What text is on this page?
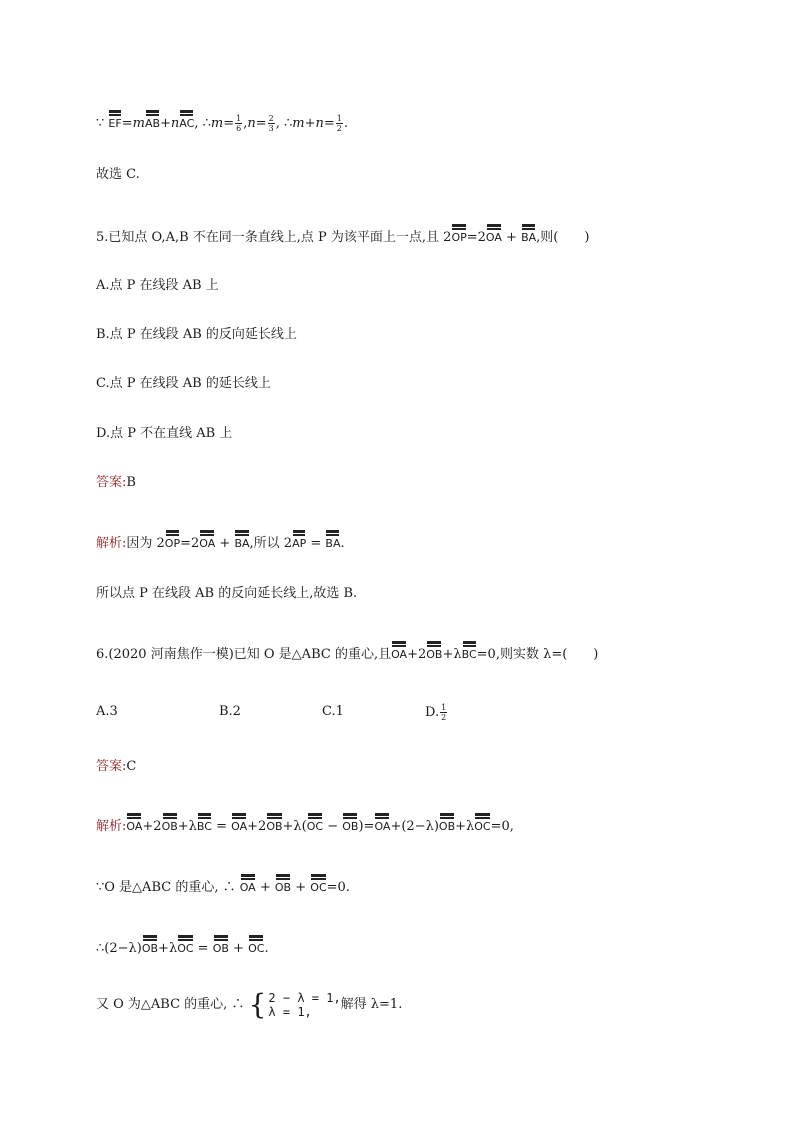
∵ EF=mAB+nAC, ∴m= $\frac{1}{6} ,n= \frac{2}{3}$ , ∴m+n= $\frac{1}{2}$ .
故选 C.
5.已知点 O,A,B 不在同一条直线上,点 P 为该平面上一点,且 2OP=2OA + BA,则(　　)
A.点 P 在线段 AB 上
B.点 P 在线段 AB 的反向延长线上
C.点 P 在线段 AB 的延长线上
D.点 P 不在直线 AB 上
答案:B
解析:因为 2OP=2OA + BA,所以 2AP = BA.
所以点 P 在线段 AB 的反向延长线上,故选 B.
6.(2020 河南焦作一模)已知 O 是△ABC 的重心,且OA+2OB+λBC=0,则实数 λ=(　　)
A.3	B.2	C.1	D. $\frac{1}{2}$
答案:C
解析:OA+2OB+λBC = OA+2OB+λ(OC − OB)=OA+(2−λ)OB+λOC=0,
∵O 是△ABC 的重心, ∴ OA + OB + OC=0.
∴(2−λ)OB+λOC = OB + OC.
又 O 为△ABC 的重心, ∴ { 2 − λ = 1,
λ = 1,	解得 λ=1.
